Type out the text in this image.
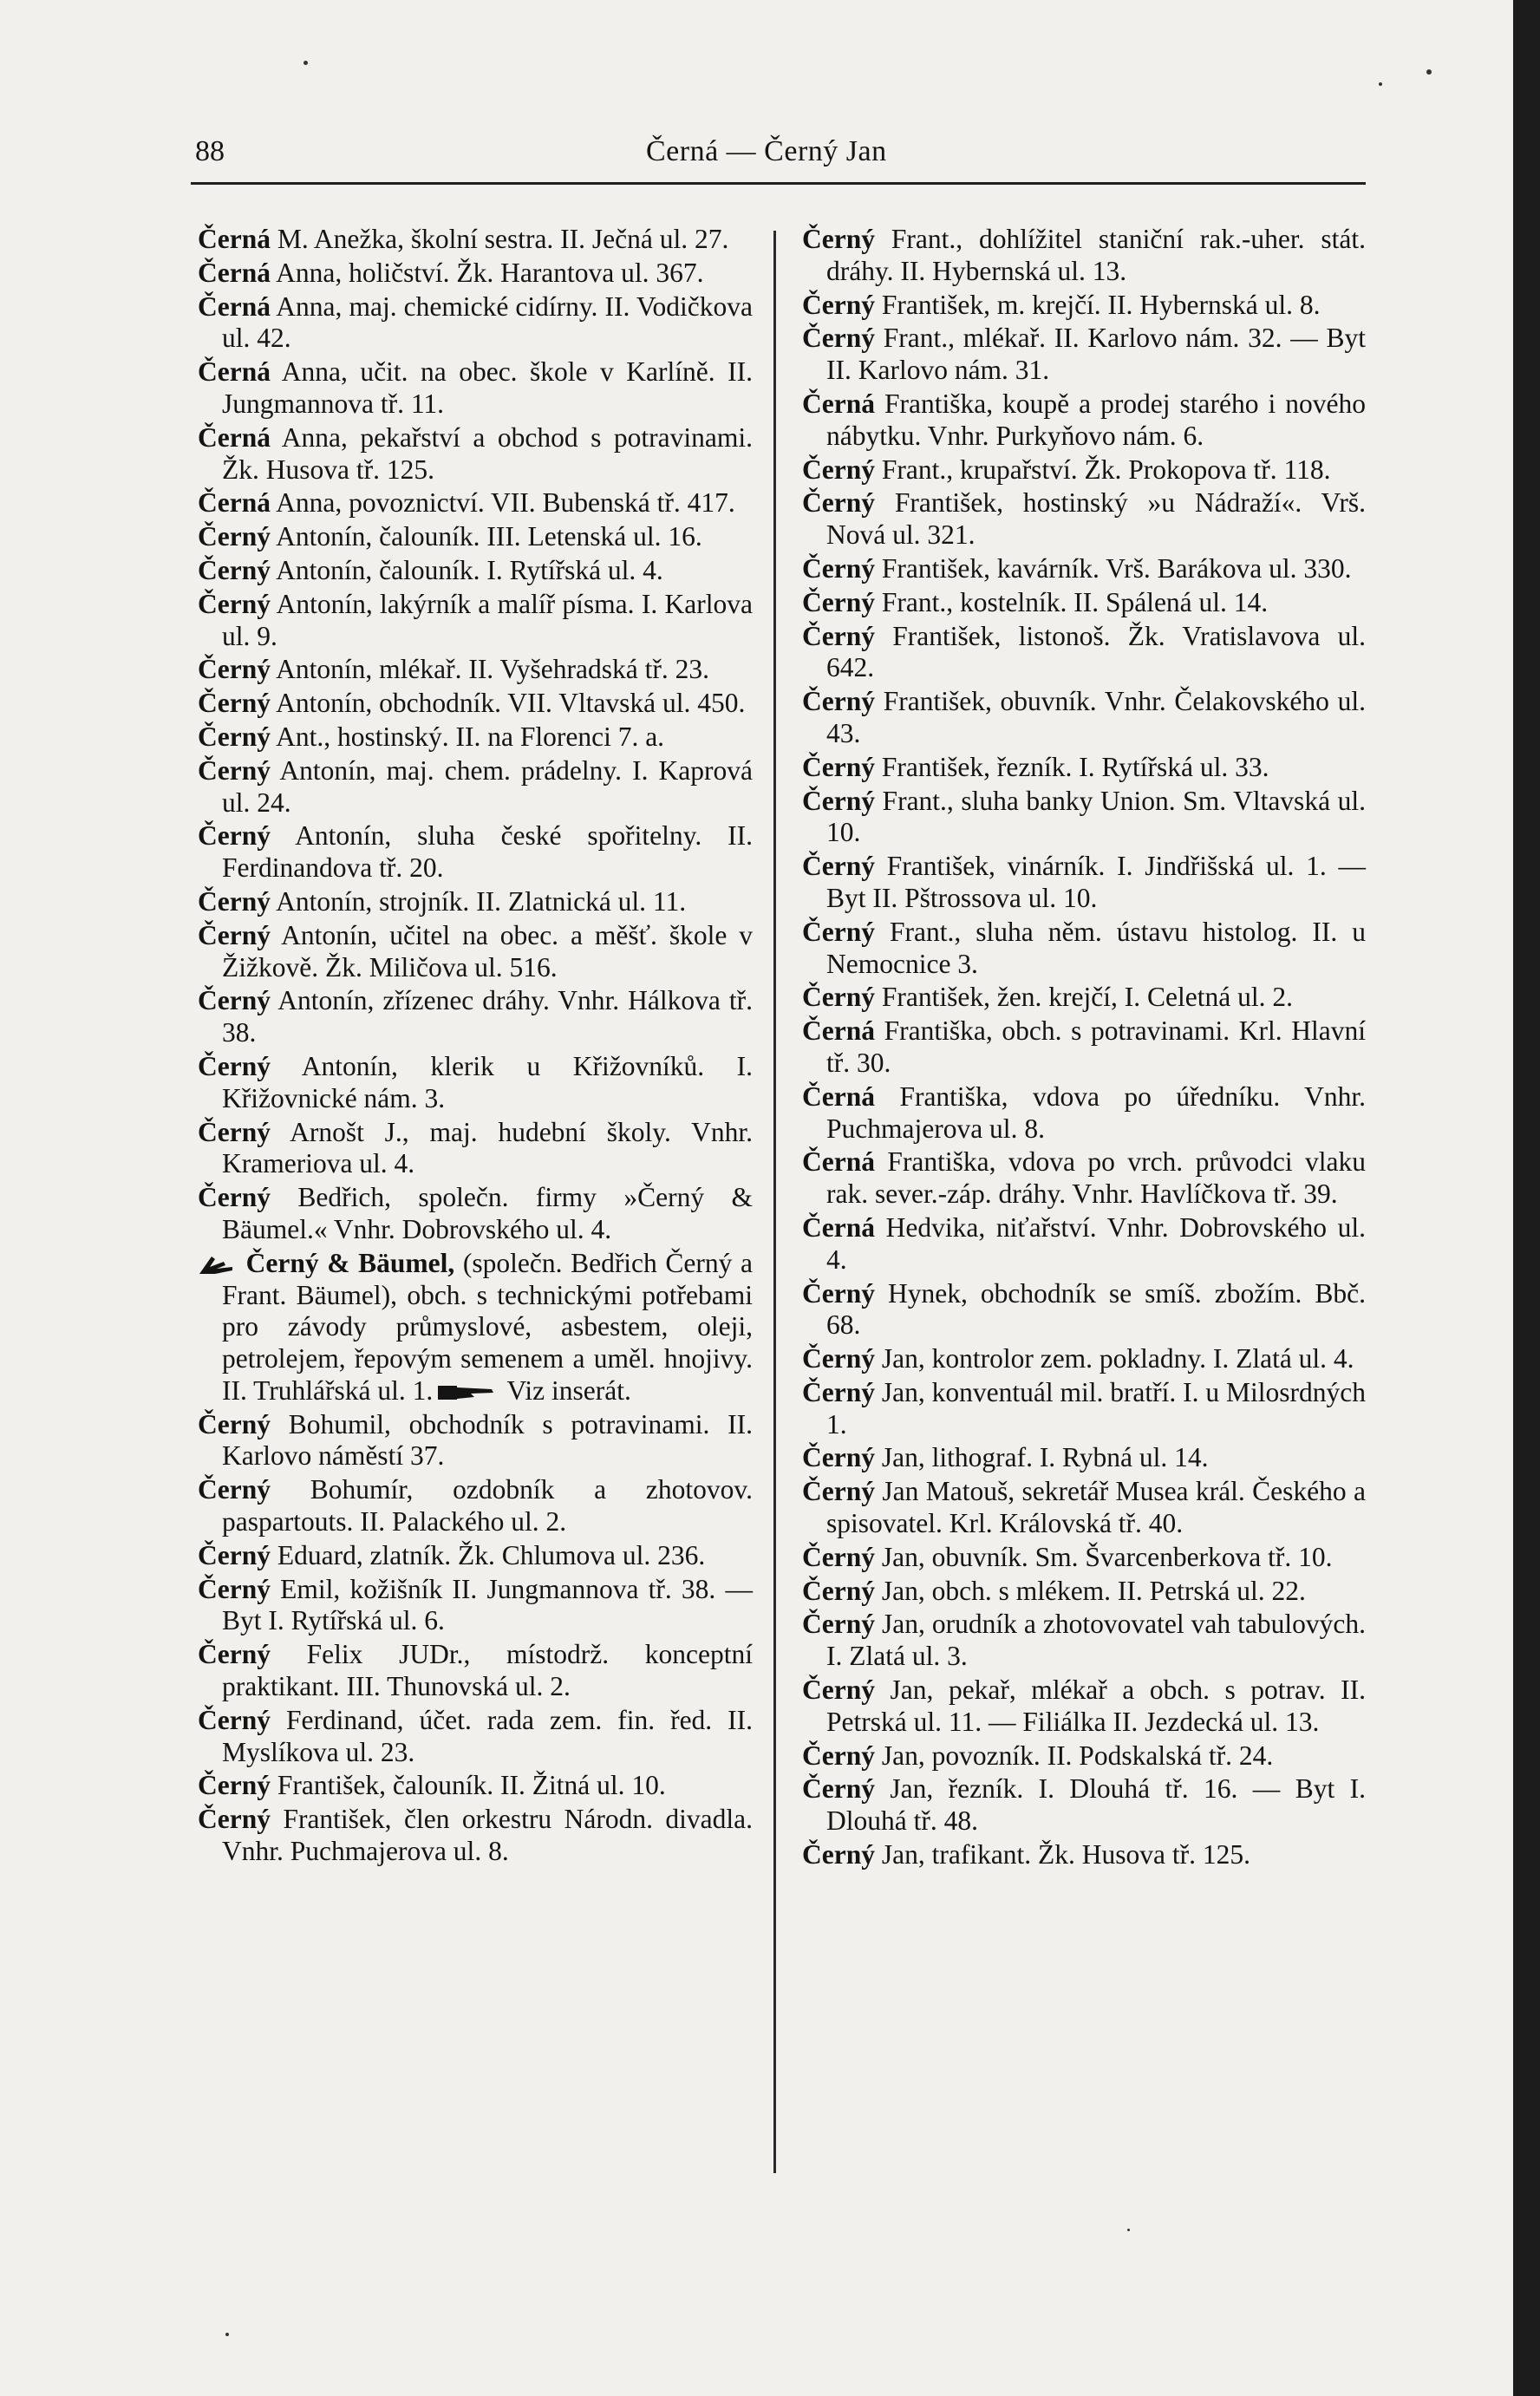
88	Černá — Černý Jan

Černá M. Anežka, školní sestra. II. Ječná ul. 27.

Černá Anna, holičství. Žk. Harantova ul. 367.

Černá Anna, maj. chemické cidírny. II. Vodičkova ul. 42.

Černá Anna, učit. na obec. škole v Karlíně. II. Jungmannova tř. 11.

Černá Anna, pekařství a obchod s potravinami. Žk. Husova tř. 125.

Černá Anna, povoznictví. VII. Bubenská tř. 417.

Černý Antonín, čalouník. III. Letenská ul. 16.

Černý Antonín, čalouník. I. Rytířská ul. 4.

Černý Antonín, lakýrník a malíř písma. I. Karlova ul. 9.

Černý Antonín, mlékař. II. Vyšehradská tř. 23.

Černý Antonín, obchodník. VII. Vltavská ul. 450.

Černý Ant., hostinský. II. na Florenci 7. a.

Černý Antonín, maj. chem. prádelny. I. Kaprová ul. 24.

Černý Antonín, sluha české spořitelny. II. Ferdinandova tř. 20.

Černý Antonín, strojník. II. Zlatnická ul. 11.

Černý Antonín, učitel na obec. a měšť. škole v Žižkově. Žk. Miličova ul. 516.

Černý Antonín, zřízenec dráhy. Vnhr. Hálkova tř. 38.

Černý Antonín, klerik u Křižovníků. I. Křižovnické nám. 3.

Černý Arnošt J., maj. hudební školy. Vnhr. Krameriova ul. 4.

Černý Bedřich, společn. firmy »Černý & Bäumel.« Vnhr. Dobrovského ul. 4.

Černý & Bäumel, (společn. Bedřich Černý a Frant. Bäumel), obch. s technickými potřebami pro závody průmyslové, asbestem, oleji, petrolejem, řepovým semenem a uměl. hnojivy. II. Truhlářská ul. 1. Viz inserát.

Černý Bohumil, obchodník s potravinami. II. Karlovo náměstí 37.

Černý Bohumír, ozdobník a zhotovov. paspartouts. II. Palackého ul. 2.

Černý Eduard, zlatník. Žk. Chlumova ul. 236.

Černý Emil, kožišník II. Jungmannova tř. 38. — Byt I. Rytířská ul. 6.

Černý Felix JUDr., místodrž. konceptní praktikant. III. Thunovská ul. 2.

Černý Ferdinand, účet. rada zem. fin. řed. II. Myslíkova ul. 23.

Černý František, čalouník. II. Žitná ul. 10.

Černý František, člen orkestru Národn. divadla. Vnhr. Puchmajerova ul. 8.

Černý Frant., dohlížitel staniční rak.-uher. stát. dráhy. II. Hybernská ul. 13.

Černý František, m. krejčí. II. Hybernská ul. 8.

Černý Frant., mlékař. II. Karlovo nám. 32. — Byt II. Karlovo nám. 31.

Černá Františka, koupě a prodej starého i nového nábytku. Vnhr. Purkyňovo nám. 6.

Černý Frant., krupařství. Žk. Prokopova tř. 118.

Černý František, hostinský »u Nádraží«. Vrš. Nová ul. 321.

Černý František, kavárník. Vrš. Barákova ul. 330.

Černý Frant., kostelník. II. Spálená ul. 14.

Černý František, listonoš. Žk. Vratislavova ul. 642.

Černý František, obuvník. Vnhr. Čelakovského ul. 43.

Černý František, řezník. I. Rytířská ul. 33.

Černý Frant., sluha banky Union. Sm. Vltavská ul. 10.

Černý František, vinárník. I. Jindřišská ul. 1. — Byt II. Pštrossova ul. 10.

Černý Frant., sluha něm. ústavu histolog. II. u Nemocnice 3.

Černý František, žen. krejčí, I. Celetná ul. 2.

Černá Františka, obch. s potravinami. Krl. Hlavní tř. 30.

Černá Františka, vdova po úředníku. Vnhr. Puchmajerova ul. 8.

Černá Františka, vdova po vrch. průvodci vlaku rak. sever.-záp. dráhy. Vnhr. Havlíčkova tř. 39.

Černá Hedvika, niťařství. Vnhr. Dobrovského ul. 4.

Černý Hynek, obchodník se smíš. zbožím. Bbč. 68.

Černý Jan, kontrolor zem. pokladny. I. Zlatá ul. 4.

Černý Jan, konventuál mil. bratří. I. u Milosrdných 1.

Černý Jan, lithograf. I. Rybná ul. 14.

Černý Jan Matouš, sekretář Musea král. Českého a spisovatel. Krl. Královská tř. 40.

Černý Jan, obuvník. Sm. Švarcenberkova tř. 10.

Černý Jan, obch. s mlékem. II. Petrská ul. 22.

Černý Jan, orudník a zhotovovatel vah tabulových. I. Zlatá ul. 3.

Černý Jan, pekař, mlékař a obch. s potrav. II. Petrská ul. 11. — Filiálka II. Jezdecká ul. 13.

Černý Jan, povozník. II. Podskalská tř. 24.

Černý Jan, řezník. I. Dlouhá tř. 16. — Byt I. Dlouhá tř. 48.

Černý Jan, trafikant. Žk. Husova tř. 125.
